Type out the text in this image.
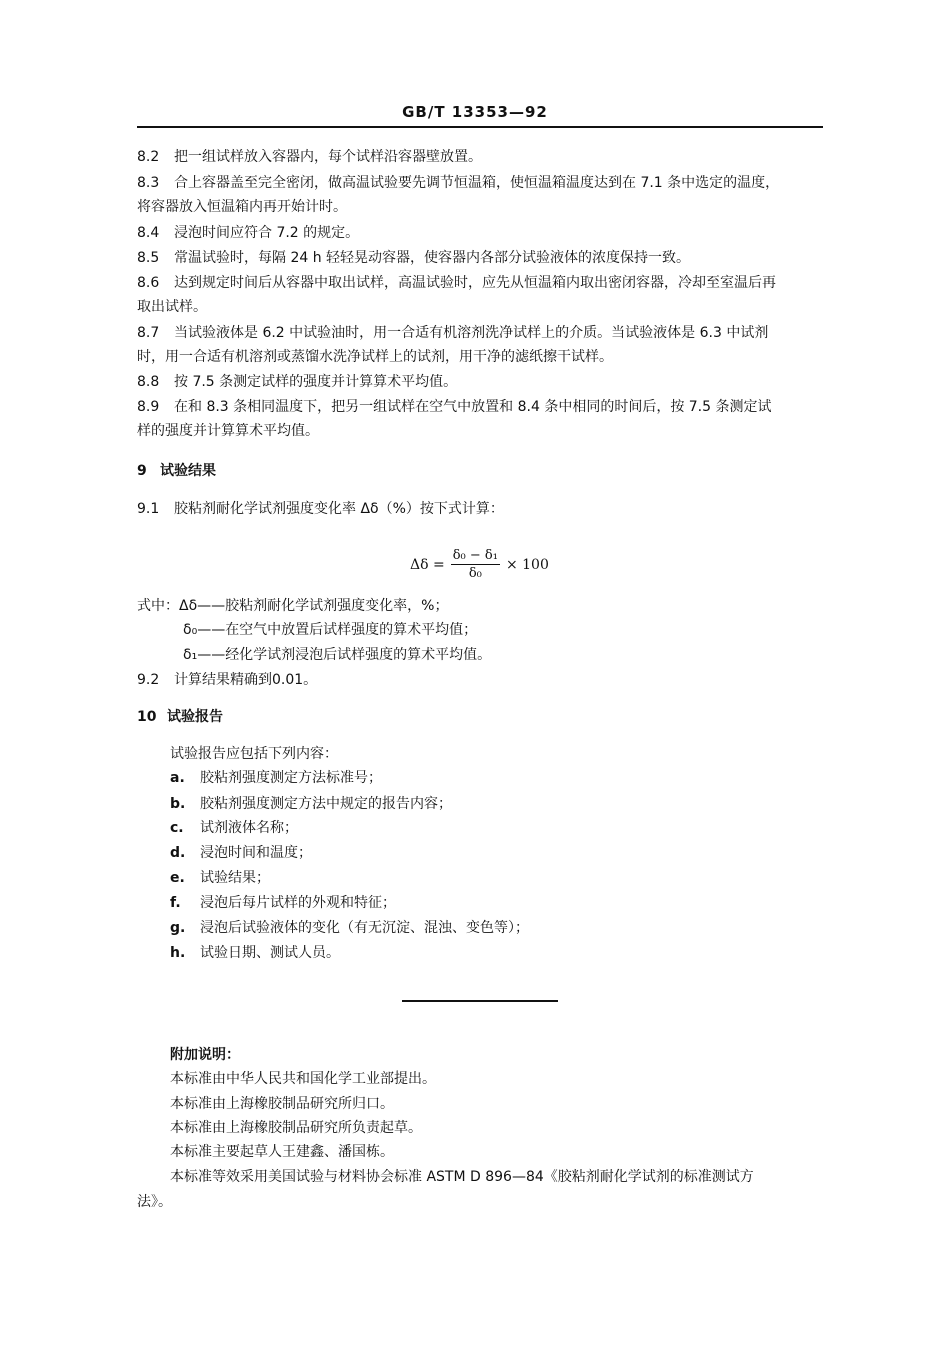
GB/T 13353—92
8.2 把一组试样放入容器内，每个试样沿容器壁放置。
8.3 合上容器盖至完全密闭，做高温试验要先调节恒温箱，使恒温箱温度达到在 7.1 条中选定的温度，
将容器放入恒温箱内再开始计时。
8.4 浸泡时间应符合 7.2 的规定。
8.5 常温试验时，每隔 24 h 轻轻晃动容器，使容器内各部分试验液体的浓度保持一致。
8.6 达到规定时间后从容器中取出试样，高温试验时，应先从恒温箱内取出密闭容器，冷却至室温后再
取出试样。
8.7 当试验液体是 6.2 中试验油时，用一合适有机溶剂洗净试样上的介质。当试验液体是 6.3 中试剂
时，用一合适有机溶剂或蒸馏水洗净试样上的试剂，用干净的滤纸擦干试样。
8.8 按 7.5 条测定试样的强度并计算算术平均值。
8.9 在和 8.3 条相同温度下，把另一组试样在空气中放置和 8.4 条中相同的时间后，按 7.5 条测定试
样的强度并计算算术平均值。
9 试验结果
9.1 胶粘剂耐化学试剂强度变化率 Δδ（%）按下式计算：
$\Delta\delta = \frac{\text{δ₀ − δ₁}}{\text{δ₀}} \times 100$
式中：Δδ——胶粘剂耐化学试剂强度变化率，%；
δ₀——在空气中放置后试样强度的算术平均值；
δ₁——经化学试剂浸泡后试样强度的算术平均值。
9.2 计算结果精确到0.01。
10 试验报告
试验报告应包括下列内容：
a. 胶粘剂强度测定方法标准号；
b. 胶粘剂强度测定方法中规定的报告内容；
c. 试剂液体名称；
d. 浸泡时间和温度；
e. 试验结果；
f. 浸泡后每片试样的外观和特征；
g. 浸泡后试验液体的变化（有无沉淀、混浊、变色等）；
h. 试验日期、测试人员。
附加说明：
本标准由中华人民共和国化学工业部提出。
本标准由上海橡胶制品研究所归口。
本标准由上海橡胶制品研究所负责起草。
本标准主要起草人王建鑫、潘国栋。
本标准等效采用美国试验与材料协会标准 ASTM D 896—84《胶粘剂耐化学试剂的标准测试方
法》。
